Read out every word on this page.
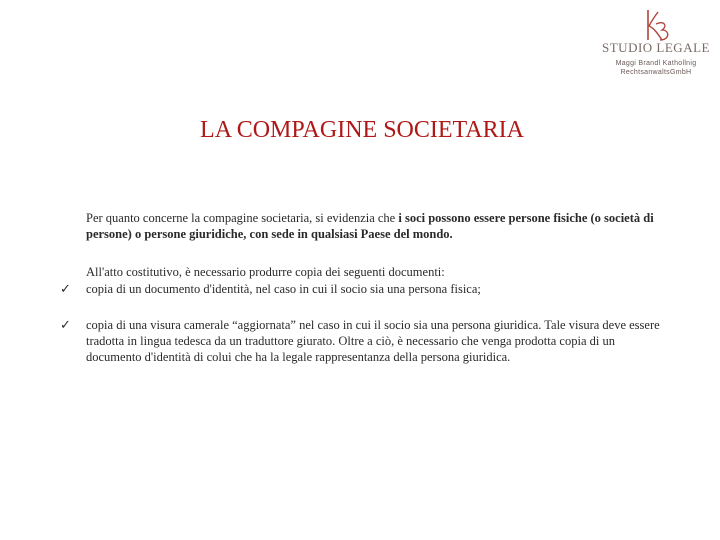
STUDIO LEGALE
Maggi Brandl Kathollnig
RechtsanwaltsGmbH
LA COMPAGINE SOCIETARIA
Per quanto concerne la compagine societaria, si evidenzia che i soci possono essere persone fisiche (o società di persone) o persone giuridiche, con sede in qualsiasi Paese del mondo.
All'atto costitutivo, è necessario produrre copia dei seguenti documenti:
✓ copia di un documento d'identità, nel caso in cui il socio sia una persona fisica;
✓ copia di una visura camerale “aggiornata” nel caso in cui il socio sia una persona giuridica. Tale visura deve essere tradotta in lingua tedesca da un traduttore giurato. Oltre a ciò, è necessario che venga prodotta copia di un documento d'identità di colui che ha la legale rappresentanza della persona giuridica.
